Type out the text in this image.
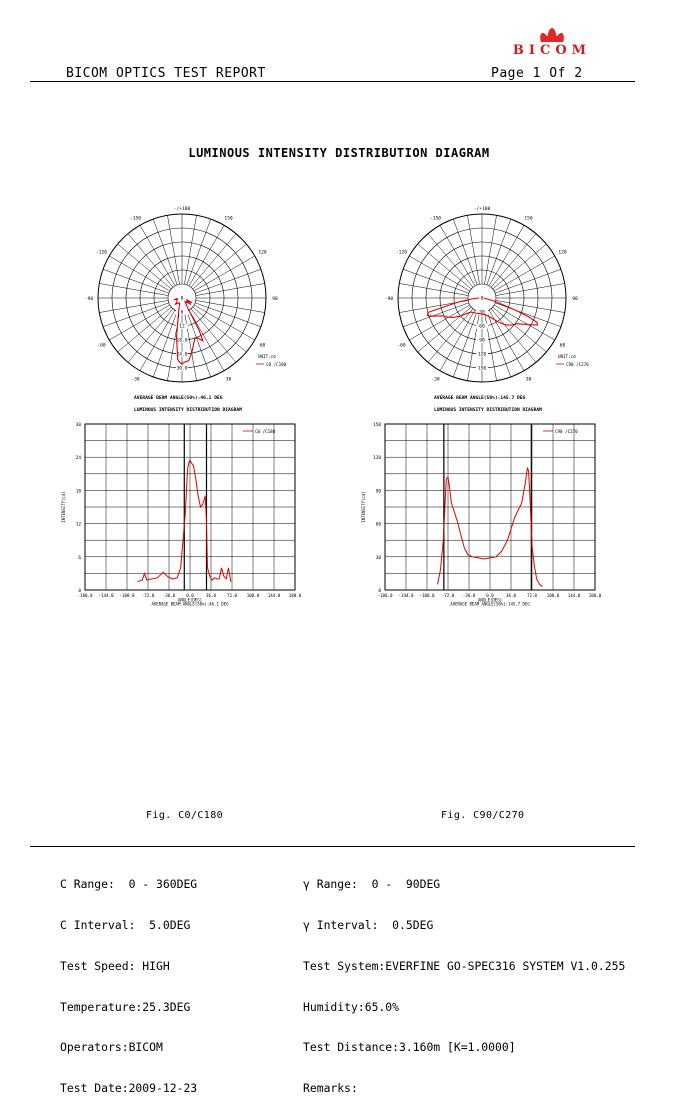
BICOM
BICOM OPTICS TEST REPORT	Page 1 Of 2
LUMINOUS INTENSITY DISTRIBUTION DIAGRAM
30
60
90
120
150
-30
-60
-90
-120
-150
-/+180
0
6
12
18.0
24.0
30.0
UNIT:cd
C0 /C180
30
60
90
120
150
-30
-60
-90
-120
-150
-/+180
0
30
60
90
120
150
UNIT:cd
C90 /C270
AVERAGE BEAM ANGLE(50%):46.1 DEG	AVERAGE BEAM ANGLE(50%):145.7 DEG
LUMINOUS INTENSITY DISTRIBUTION DIAGRAM	LUMINOUS INTENSITY DISTRIBUTION DIAGRAM
30
24
18
12
6
0
-180.0 -144.0 -108.0 -72.0 -36.0	0.0	36.0	72.0 108.0 144.0 180.0
ANGLE(DEG)
AVERAGE BEAM ANGLE(50%):46.1 DEG
INTENSITY(cd)
C0 /C180
150
120
90
60
30
0
-180.0 -144.0 -108.0 -72.0 -36.0	0.0	36.0	72.0 108.0 144.0 180.0
ANGLE(DEG)
AVERAGE BEAM ANGLE(50%):145.7 DEG
INTENSITY(cd)
C90 /C270
Fig. C0/C180	Fig. C90/C270

C Range:  0 - 360DEG

C Interval:  5.0DEG

Test Speed: HIGH

Temperature:25.3DEG

Operators:BICOM

Test Date:2009-12-23

γ Range:  0 -  90DEG

γ Interval:  0.5DEG

Test System:EVERFINE GO-SPEC316 SYSTEM V1.0.255

Humidity:65.0%

Test Distance:3.160m [K=1.0000]

Remarks:
